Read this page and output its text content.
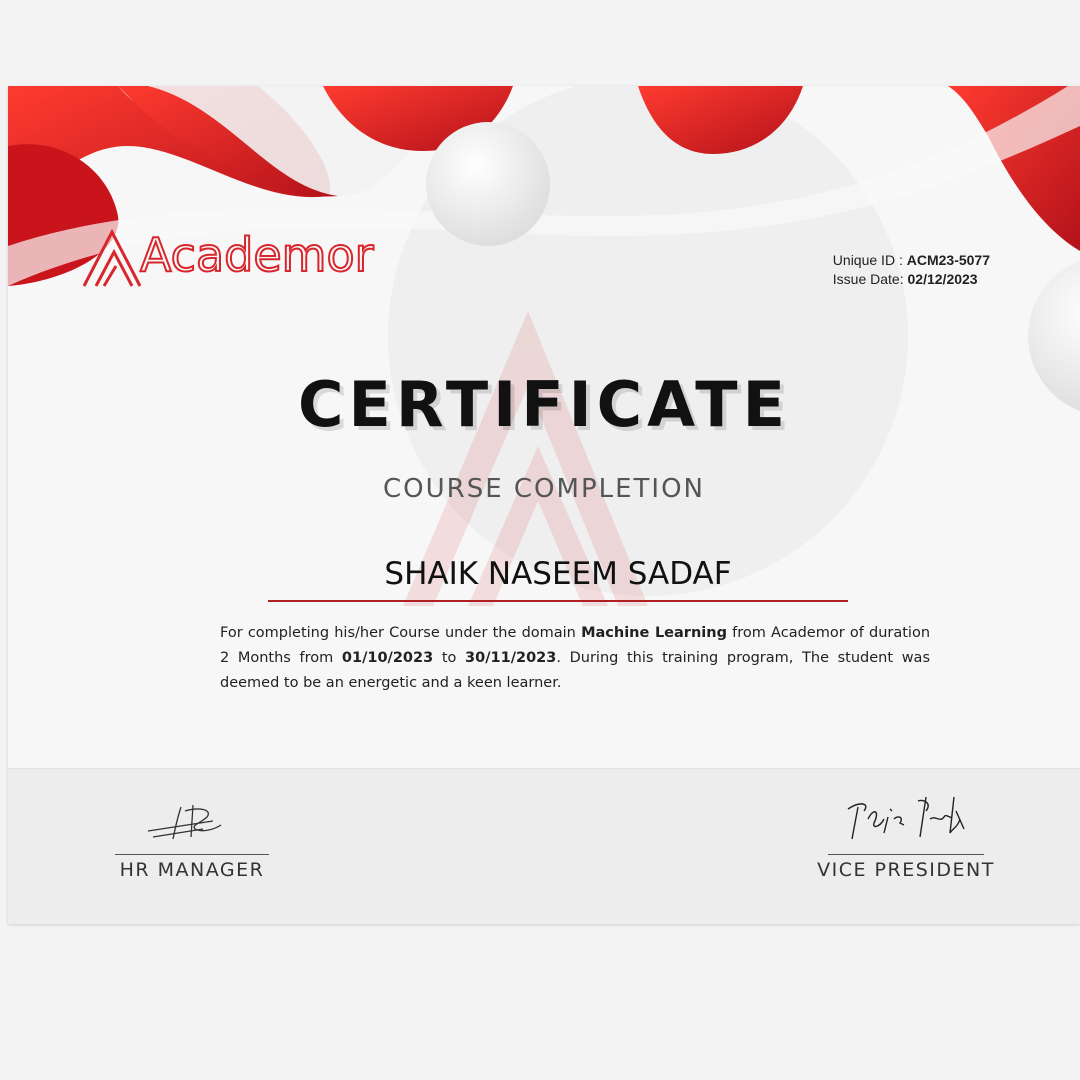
Academor	Unique ID : ACM23-5077
Issue Date: 02/12/2023
CERTIFICATE
COURSE COMPLETION
SHAIK NASEEM SADAF
For completing his/her Course under the domain Machine Learning from Academor of duration 2 Months from 01/10/2023 to 30/11/2023. During this training program, The student was deemed to be an energetic and a keen learner.
HR MANAGER	VICE PRESIDENT
